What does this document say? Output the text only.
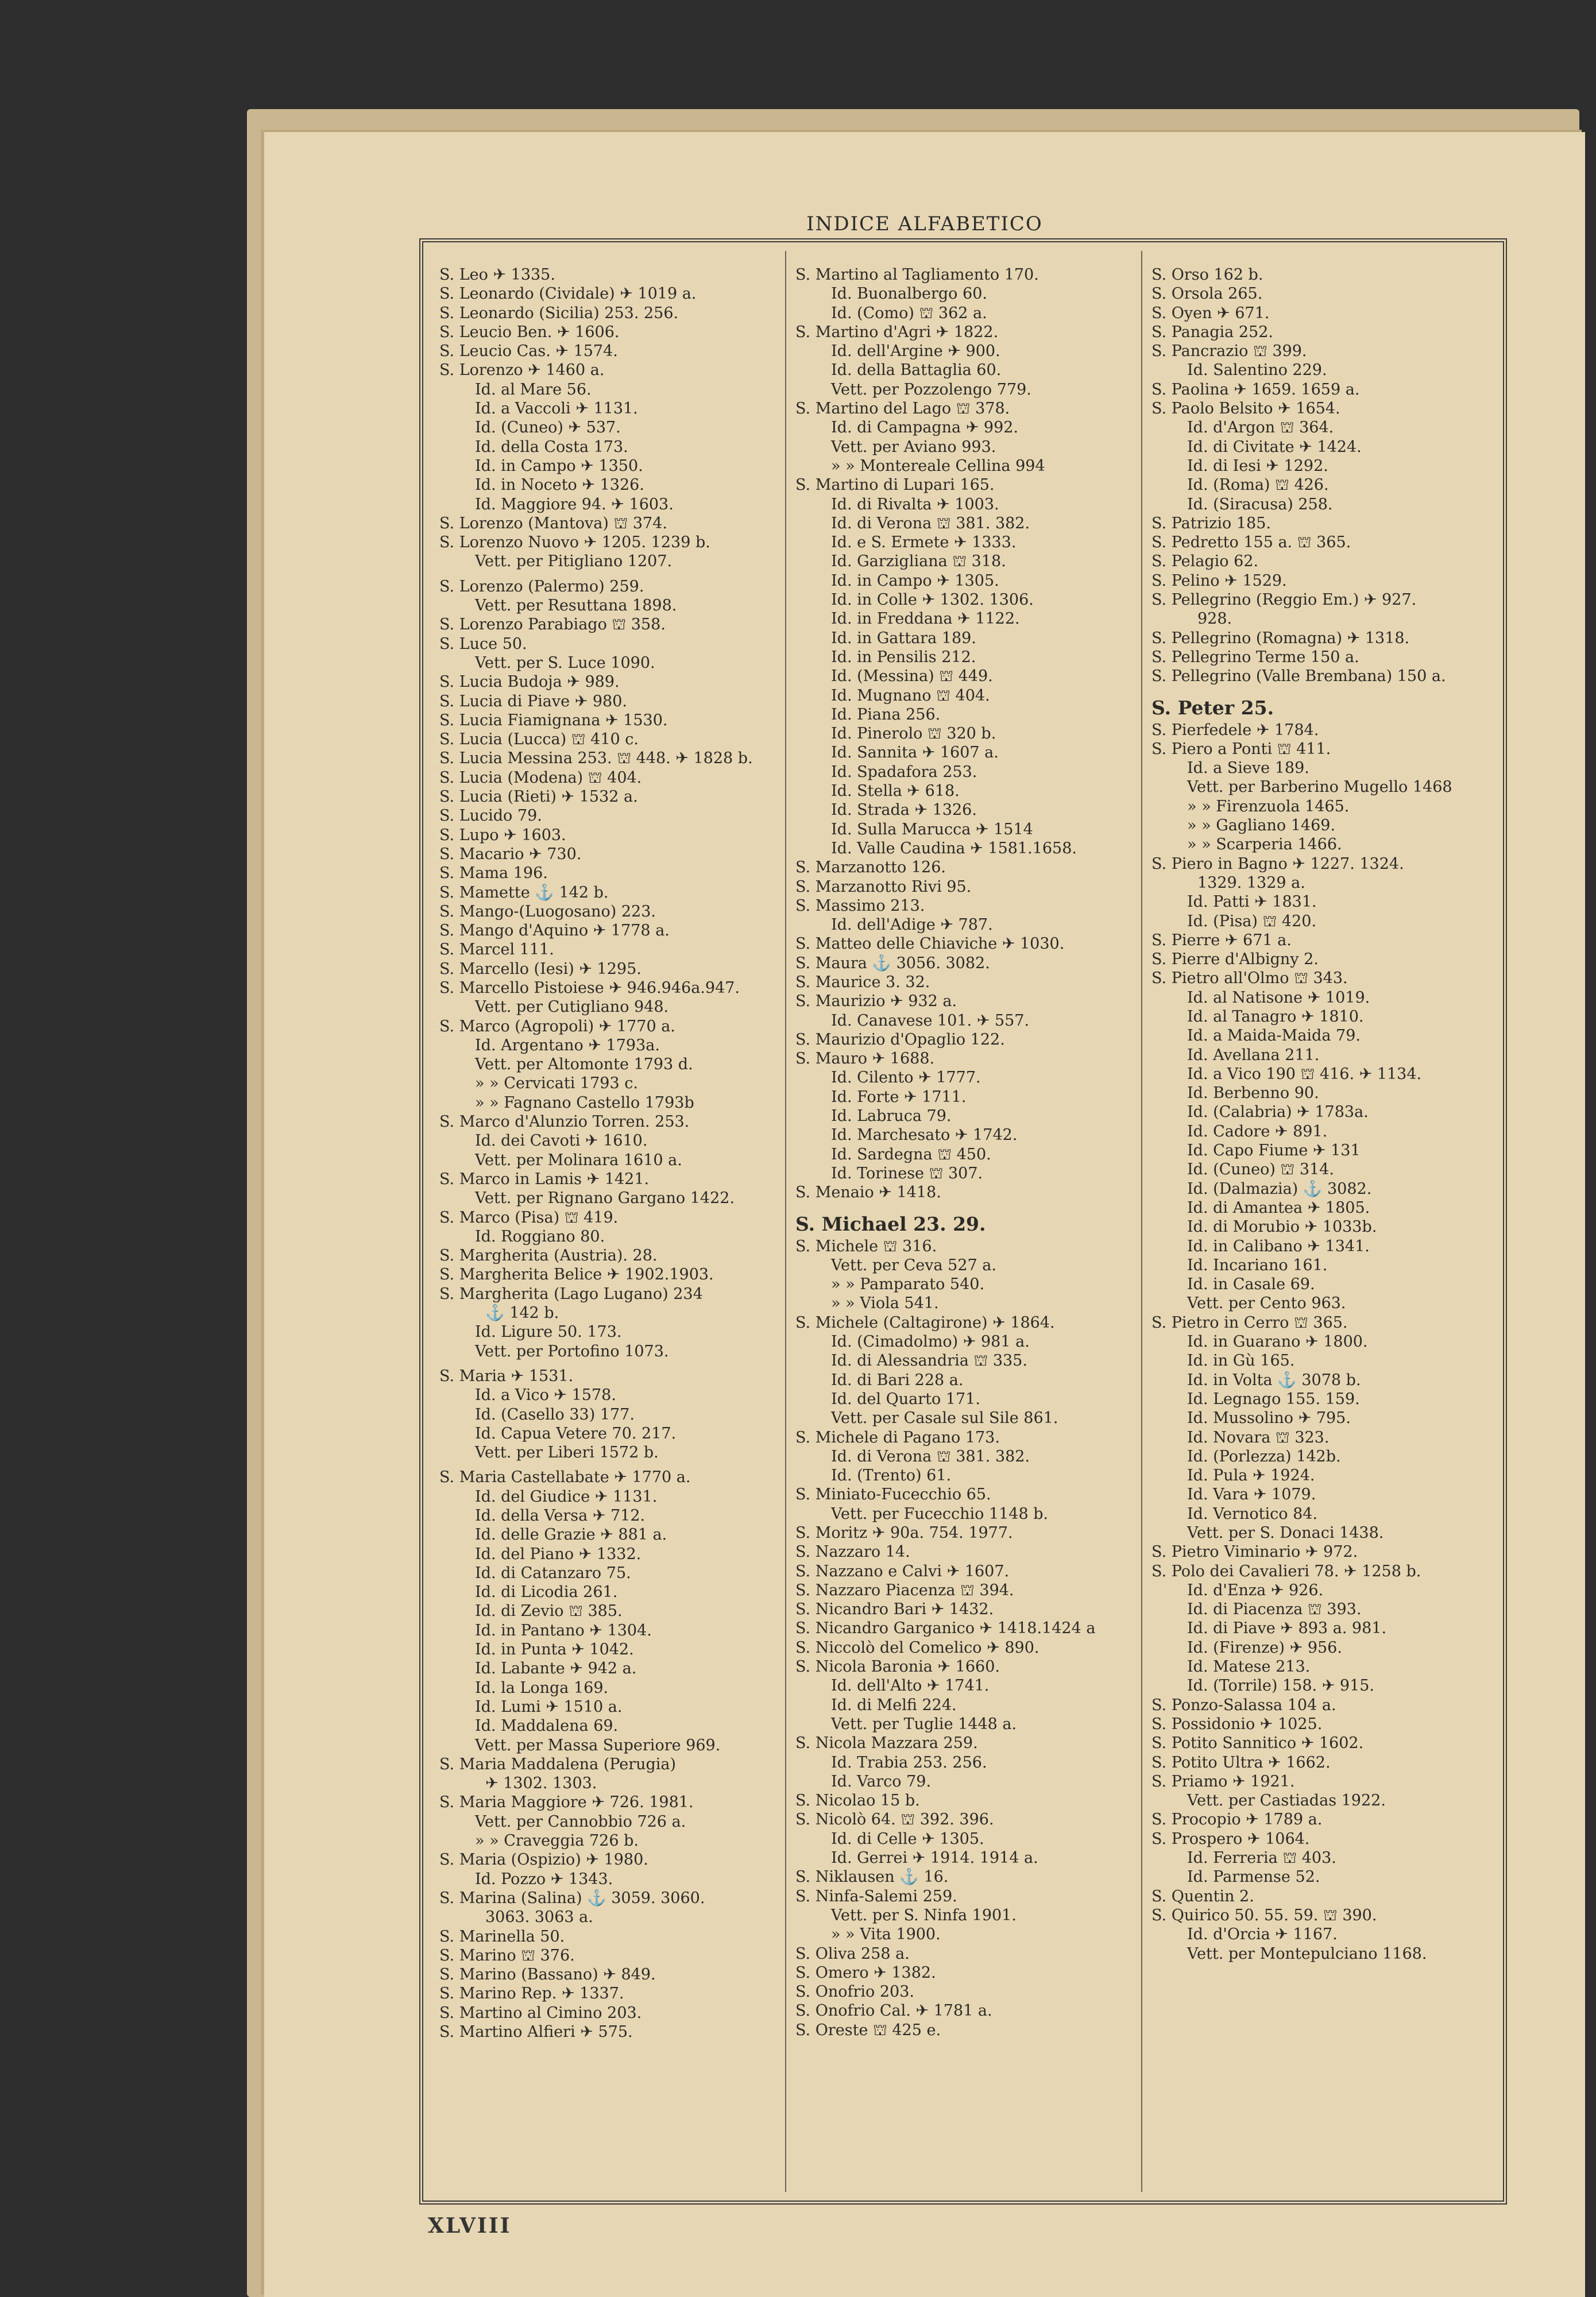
INDICE ALFABETICO
S. Leo ✈ 1335.
S. Leonardo (Cividale) ✈ 1019 a.
S. Leonardo (Sicilia) 253. 256.
S. Leucio Ben. ✈ 1606.
S. Leucio Cas. ✈ 1574.
S. Lorenzo ✈ 1460 a.
Id. al Mare 56.
Id. a Vaccoli ✈ 1131.
Id. (Cuneo) ✈ 537.
Id. della Costa 173.
Id. in Campo ✈ 1350.
Id. in Noceto ✈ 1326.
Id. Maggiore 94. ✈ 1603.
S. Lorenzo (Mantova) ⛫ 374.
S. Lorenzo Nuovo ✈ 1205. 1239 b.
Vett. per Pitigliano 1207.
S. Lorenzo (Palermo) 259.
Vett. per Resuttana 1898.
S. Lorenzo Parabiago ⛫ 358.
S. Luce 50.
Vett. per S. Luce 1090.
S. Lucia Budoja ✈ 989.
S. Lucia di Piave ✈ 980.
S. Lucia Fiamignana ✈ 1530.
S. Lucia (Lucca) ⛫ 410 c.
S. Lucia Messina 253. ⛫ 448. ✈ 1828 b.
S. Lucia (Modena) ⛫ 404.
S. Lucia (Rieti) ✈ 1532 a.
S. Lucido 79.
S. Lupo ✈ 1603.
S. Macario ✈ 730.
S. Mama 196.
S. Mamette ⚓ 142 b.
S. Mango-(Luogosano) 223.
S. Mango d'Aquino ✈ 1778 a.
S. Marcel 111.
S. Marcello (Iesi) ✈ 1295.
S. Marcello Pistoiese ✈ 946.946a.947.
Vett. per Cutigliano 948.
S. Marco (Agropoli) ✈ 1770 a.
Id. Argentano ✈ 1793a.
Vett. per Altomonte 1793 d.
» » Cervicati 1793 c.
» » Fagnano Castello 1793b
S. Marco d'Alunzio Torren. 253.
Id. dei Cavoti ✈ 1610.
Vett. per Molinara 1610 a.
S. Marco in Lamis ✈ 1421.
Vett. per Rignano Gargano 1422.
S. Marco (Pisa) ⛫ 419.
Id. Roggiano 80.
S. Margherita (Austria). 28.
S. Margherita Belice ✈ 1902.1903.
S. Margherita (Lago Lugano) 234
⚓ 142 b.
Id. Ligure 50. 173.
Vett. per Portofino 1073.
S. Maria ✈ 1531.
Id. a Vico ✈ 1578.
Id. (Casello 33) 177.
Id. Capua Vetere 70. 217.
Vett. per Liberi 1572 b.
S. Maria Castellabate ✈ 1770 a.
Id. del Giudice ✈ 1131.
Id. della Versa ✈ 712.
Id. delle Grazie ✈ 881 a.
Id. del Piano ✈ 1332.
Id. di Catanzaro 75.
Id. di Licodia 261.
Id. di Zevio ⛫ 385.
Id. in Pantano ✈ 1304.
Id. in Punta ✈ 1042.
Id. Labante ✈ 942 a.
Id. la Longa 169.
Id. Lumi ✈ 1510 a.
Id. Maddalena 69.
Vett. per Massa Superiore 969.
S. Maria Maddalena (Perugia)
✈ 1302. 1303.
S. Maria Maggiore ✈ 726. 1981.
Vett. per Cannobbio 726 a.
» » Craveggia 726 b.
S. Maria (Ospizio) ✈ 1980.
Id. Pozzo ✈ 1343.
S. Marina (Salina) ⚓ 3059. 3060.
3063. 3063 a.
S. Marinella 50.
S. Marino ⛫ 376.
S. Marino (Bassano) ✈ 849.
S. Marino Rep. ✈ 1337.
S. Martino al Cimino 203.
S. Martino Alfieri ✈ 575.
S. Martino al Tagliamento 170.
Id. Buonalbergo 60.
Id. (Como) ⛫ 362 a.
S. Martino d'Agri ✈ 1822.
Id. dell'Argine ✈ 900.
Id. della Battaglia 60.
Vett. per Pozzolengo 779.
S. Martino del Lago ⛫ 378.
Id. di Campagna ✈ 992.
Vett. per Aviano 993.
» » Montereale Cellina 994
S. Martino di Lupari 165.
Id. di Rivalta ✈ 1003.
Id. di Verona ⛫ 381. 382.
Id. e S. Ermete ✈ 1333.
Id. Garzigliana ⛫ 318.
Id. in Campo ✈ 1305.
Id. in Colle ✈ 1302. 1306.
Id. in Freddana ✈ 1122.
Id. in Gattara 189.
Id. in Pensilis 212.
Id. (Messina) ⛫ 449.
Id. Mugnano ⛫ 404.
Id. Piana 256.
Id. Pinerolo ⛫ 320 b.
Id. Sannita ✈ 1607 a.
Id. Spadafora 253.
Id. Stella ✈ 618.
Id. Strada ✈ 1326.
Id. Sulla Marucca ✈ 1514
Id. Valle Caudina ✈ 1581.1658.
S. Marzanotto 126.
S. Marzanotto Rivi 95.
S. Massimo 213.
Id. dell'Adige ✈ 787.
S. Matteo delle Chiaviche ✈ 1030.
S. Maura ⚓ 3056. 3082.
S. Maurice 3. 32.
S. Maurizio ✈ 932 a.
Id. Canavese 101. ✈ 557.
S. Maurizio d'Opaglio 122.
S. Mauro ✈ 1688.
Id. Cilento ✈ 1777.
Id. Forte ✈ 1711.
Id. Labruca 79.
Id. Marchesato ✈ 1742.
Id. Sardegna ⛫ 450.
Id. Torinese ⛫ 307.
S. Menaio ✈ 1418.
S. Michael 23. 29.
S. Michele ⛫ 316.
Vett. per Ceva 527 a.
» » Pamparato 540.
» » Viola 541.
S. Michele (Caltagirone) ✈ 1864.
Id. (Cimadolmo) ✈ 981 a.
Id. di Alessandria ⛫ 335.
Id. di Bari 228 a.
Id. del Quarto 171.
Vett. per Casale sul Sile 861.
S. Michele di Pagano 173.
Id. di Verona ⛫ 381. 382.
Id. (Trento) 61.
S. Miniato-Fucecchio 65.
Vett. per Fucecchio 1148 b.
S. Moritz ✈ 90a. 754. 1977.
S. Nazzaro 14.
S. Nazzano e Calvi ✈ 1607.
S. Nazzaro Piacenza ⛫ 394.
S. Nicandro Bari ✈ 1432.
S. Nicandro Garganico ✈ 1418.1424 a
S. Niccolò del Comelico ✈ 890.
S. Nicola Baronia ✈ 1660.
Id. dell'Alto ✈ 1741.
Id. di Melfi 224.
Vett. per Tuglie 1448 a.
S. Nicola Mazzara 259.
Id. Trabia 253. 256.
Id. Varco 79.
S. Nicolao 15 b.
S. Nicolò 64. ⛫ 392. 396.
Id. di Celle ✈ 1305.
Id. Gerrei ✈ 1914. 1914 a.
S. Niklausen ⚓ 16.
S. Ninfa-Salemi 259.
Vett. per S. Ninfa 1901.
» » Vita 1900.
S. Oliva 258 a.
S. Omero ✈ 1382.
S. Onofrio 203.
S. Onofrio Cal. ✈ 1781 a.
S. Oreste ⛫ 425 e.
S. Orso 162 b.
S. Orsola 265.
S. Oyen ✈ 671.
S. Panagia 252.
S. Pancrazio ⛫ 399.
Id. Salentino 229.
S. Paolina ✈ 1659. 1659 a.
S. Paolo Belsito ✈ 1654.
Id. d'Argon ⛫ 364.
Id. di Civitate ✈ 1424.
Id. di Iesi ✈ 1292.
Id. (Roma) ⛫ 426.
Id. (Siracusa) 258.
S. Patrizio 185.
S. Pedretto 155 a. ⛫ 365.
S. Pelagio 62.
S. Pelino ✈ 1529.
S. Pellegrino (Reggio Em.) ✈ 927.
928.
S. Pellegrino (Romagna) ✈ 1318.
S. Pellegrino Terme 150 a.
S. Pellegrino (Valle Brembana) 150 a.
S. Peter 25.
S. Pierfedele ✈ 1784.
S. Piero a Ponti ⛫ 411.
Id. a Sieve 189.
Vett. per Barberino Mugello 1468
» » Firenzuola 1465.
» » Gagliano 1469.
» » Scarperia 1466.
S. Piero in Bagno ✈ 1227. 1324.
1329. 1329 a.
Id. Patti ✈ 1831.
Id. (Pisa) ⛫ 420.
S. Pierre ✈ 671 a.
S. Pierre d'Albigny 2.
S. Pietro all'Olmo ⛫ 343.
Id. al Natisone ✈ 1019.
Id. al Tanagro ✈ 1810.
Id. a Maida-Maida 79.
Id. Avellana 211.
Id. a Vico 190 ⛫ 416. ✈ 1134.
Id. Berbenno 90.
Id. (Calabria) ✈ 1783a.
Id. Cadore ✈ 891.
Id. Capo Fiume ✈ 131
Id. (Cuneo) ⛫ 314.
Id. (Dalmazia) ⚓ 3082.
Id. di Amantea ✈ 1805.
Id. di Morubio ✈ 1033b.
Id. in Calibano ✈ 1341.
Id. Incariano 161.
Id. in Casale 69.
Vett. per Cento 963.
S. Pietro in Cerro ⛫ 365.
Id. in Guarano ✈ 1800.
Id. in Gù 165.
Id. in Volta ⚓ 3078 b.
Id. Legnago 155. 159.
Id. Mussolino ✈ 795.
Id. Novara ⛫ 323.
Id. (Porlezza) 142b.
Id. Pula ✈ 1924.
Id. Vara ✈ 1079.
Id. Vernotico 84.
Vett. per S. Donaci 1438.
S. Pietro Viminario ✈ 972.
S. Polo dei Cavalieri 78. ✈ 1258 b.
Id. d'Enza ✈ 926.
Id. di Piacenza ⛫ 393.
Id. di Piave ✈ 893 a. 981.
Id. (Firenze) ✈ 956.
Id. Matese 213.
Id. (Torrile) 158. ✈ 915.
S. Ponzo-Salassa 104 a.
S. Possidonio ✈ 1025.
S. Potito Sannitico ✈ 1602.
S. Potito Ultra ✈ 1662.
S. Priamo ✈ 1921.
Vett. per Castiadas 1922.
S. Procopio ✈ 1789 a.
S. Prospero ✈ 1064.
Id. Ferreria ⛫ 403.
Id. Parmense 52.
S. Quentin 2.
S. Quirico 50. 55. 59. ⛫ 390.
Id. d'Orcia ✈ 1167.
Vett. per Montepulciano 1168.
XLVIII
